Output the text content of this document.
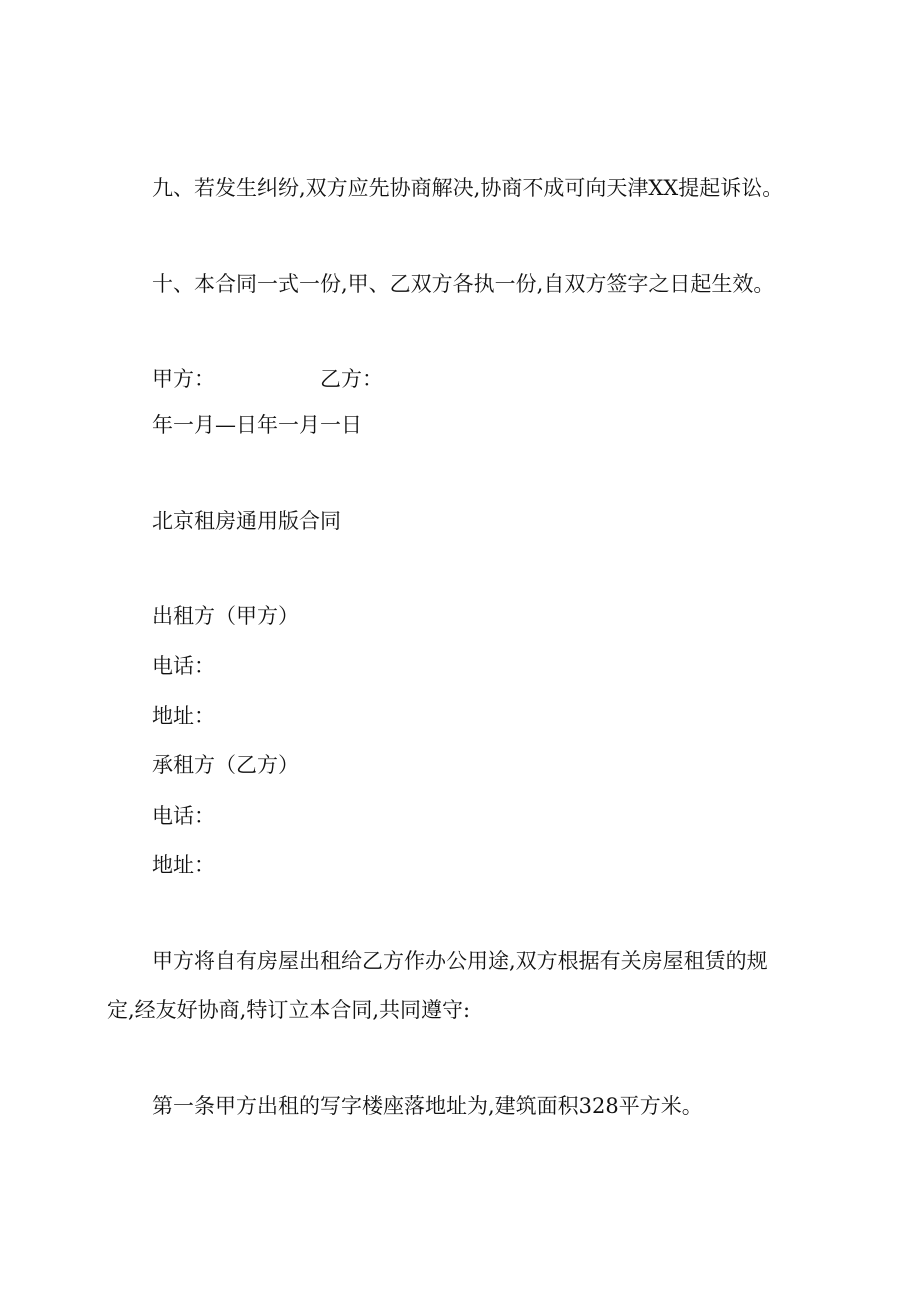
九、若发生纠纷,双方应先协商解决,协商不成可向天津XX提起诉讼。
十、本合同一式一份,甲、乙双方各执一份,自双方签字之日起生效。
甲方：	乙方：
年一月—日年一月一日
北京租房通用版合同
出租方（甲方）
电话：
地址：
承租方（乙方）
电话：
地址：
甲方将自有房屋出租给乙方作办公用途,双方根据有关房屋租赁的规
定,经友好协商,特订立本合同,共同遵守:
第一条甲方出租的写字楼座落地址为,建筑面积328平方米。
